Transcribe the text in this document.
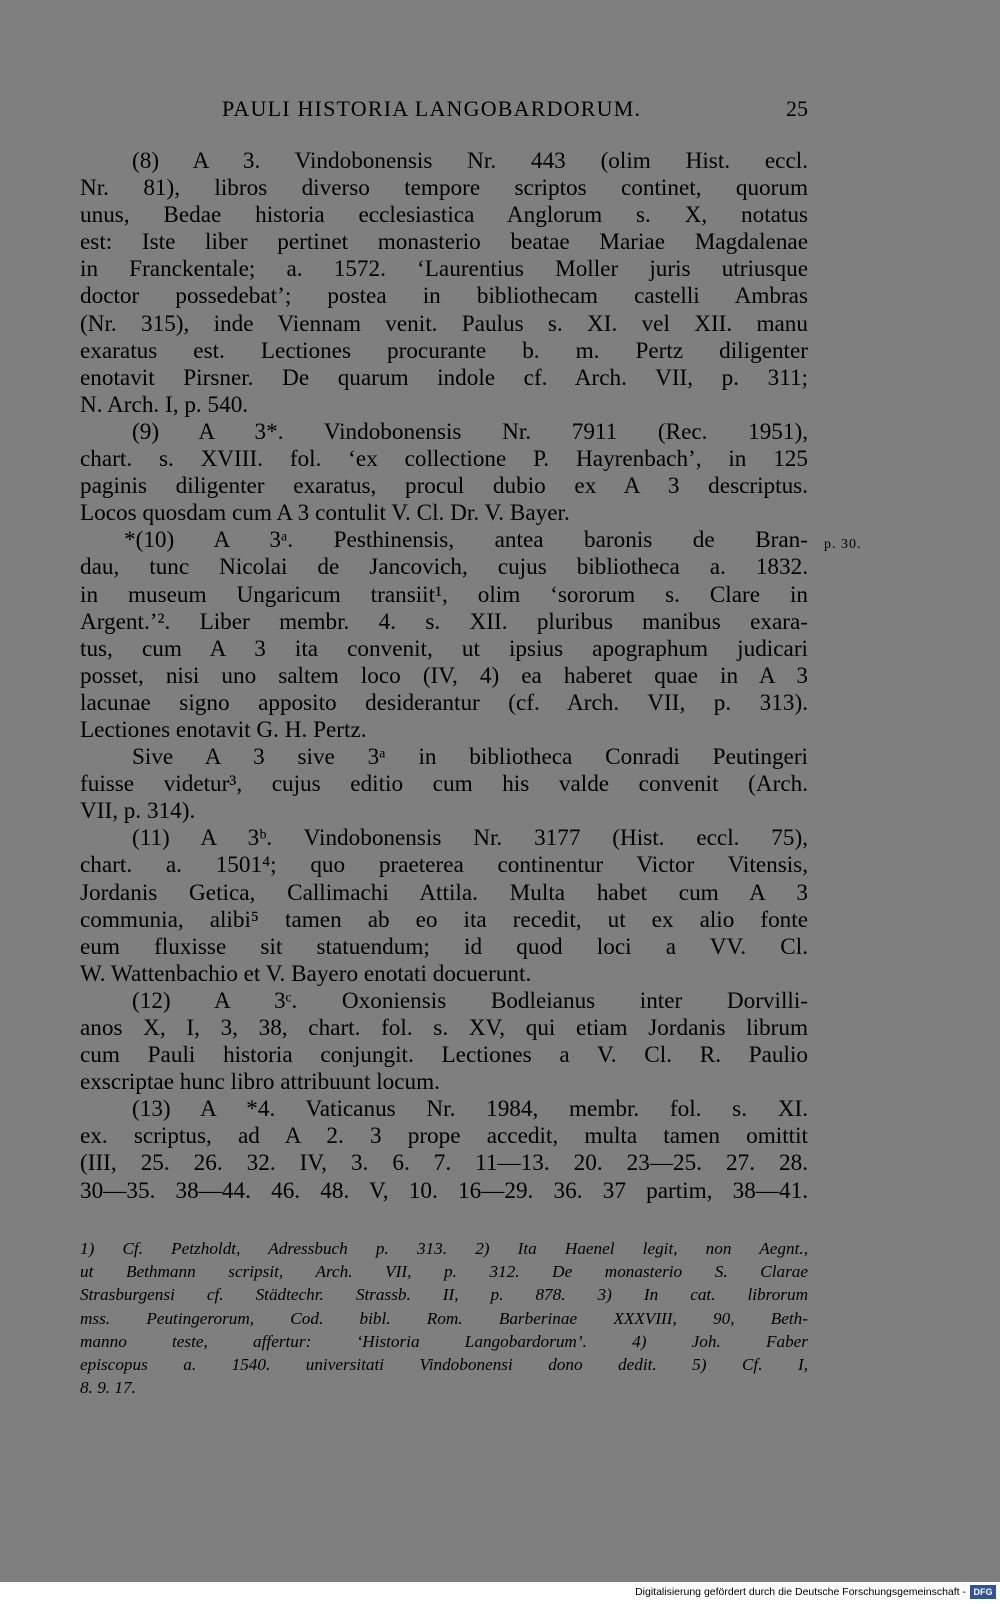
PAULI HISTORIA LANGOBARDORUM.	25
p. 30.
(8) A 3. Vindobonensis Nr. 443 (olim Hist. eccl.
Nr. 81), libros diverso tempore scriptos continet, quorum
unus, Bedae historia ecclesiastica Anglorum s. X, notatus
est: Iste liber pertinet monasterio beatae Mariae Magdalenae
in Franckentale; a. 1572. ‘Laurentius Moller juris utriusque
doctor possedebat’; postea in bibliothecam castelli Ambras
(Nr. 315), inde Viennam venit. Paulus s. XI. vel XII. manu
exaratus est. Lectiones procurante b. m. Pertz diligenter
enotavit Pirsner. De quarum indole cf. Arch. VII, p. 311;
N. Arch. I, p. 540.
(9) A 3*. Vindobonensis Nr. 7911 (Rec. 1951),
chart. s. XVIII. fol. ‘ex collectione P. Hayrenbach’, in 125
paginis diligenter exaratus, procul dubio ex A 3 descriptus.
Locos quosdam cum A 3 contulit V. Cl. Dr. V. Bayer.
*(10) A 3ᵃ. Pesthinensis, antea baronis de Bran-
dau, tunc Nicolai de Jancovich, cujus bibliotheca a. 1832.
in museum Ungaricum transiit¹, olim ‘sororum s. Clare in
Argent.’². Liber membr. 4. s. XII. pluribus manibus exara-
tus, cum A 3 ita convenit, ut ipsius apographum judicari
posset, nisi uno saltem loco (IV, 4) ea haberet quae in A 3
lacunae signo apposito desiderantur (cf. Arch. VII, p. 313).
Lectiones enotavit G. H. Pertz.
Sive A 3 sive 3ᵃ in bibliotheca Conradi Peutingeri
fuisse videtur³, cujus editio cum his valde convenit (Arch.
VII, p. 314).
(11) A 3ᵇ. Vindobonensis Nr. 3177 (Hist. eccl. 75),
chart. a. 1501⁴; quo praeterea continentur Victor Vitensis,
Jordanis Getica, Callimachi Attila. Multa habet cum A 3
communia, alibi⁵ tamen ab eo ita recedit, ut ex alio fonte
eum fluxisse sit statuendum; id quod loci a VV. Cl.
W. Wattenbachio et V. Bayero enotati docuerunt.
(12) A 3ᶜ. Oxoniensis Bodleianus inter Dorvilli-
anos X, I, 3, 38, chart. fol. s. XV, qui etiam Jordanis librum
cum Pauli historia conjungit. Lectiones a V. Cl. R. Paulio
exscriptae hunc libro attribuunt locum.
(13) A *4. Vaticanus Nr. 1984, membr. fol. s. XI.
ex. scriptus, ad A 2. 3 prope accedit, multa tamen omittit
(III, 25. 26. 32. IV, 3. 6. 7. 11—13. 20. 23—25. 27. 28.
30—35. 38—44. 46. 48. V, 10. 16—29. 36. 37 partim, 38—41.
1) Cf. Petzholdt, Adressbuch p. 313. 2) Ita Haenel legit, non Aegnt.,
ut Bethmann scripsit, Arch. VII, p. 312. De monasterio S. Clarae
Strasburgensi cf. Städtechr. Strassb. II, p. 878. 3) In cat. librorum
mss. Peutingerorum, Cod. bibl. Rom. Barberinae XXXVIII, 90, Beth-
manno teste, affertur: ‘Historia Langobardorum’. 4) Joh. Faber
episcopus a. 1540. universitati Vindobonensi dono dedit. 5) Cf. I,
8. 9. 17.
Digitalisierung gefördert durch die Deutsche Forschungsgemeinschaft - DFG
